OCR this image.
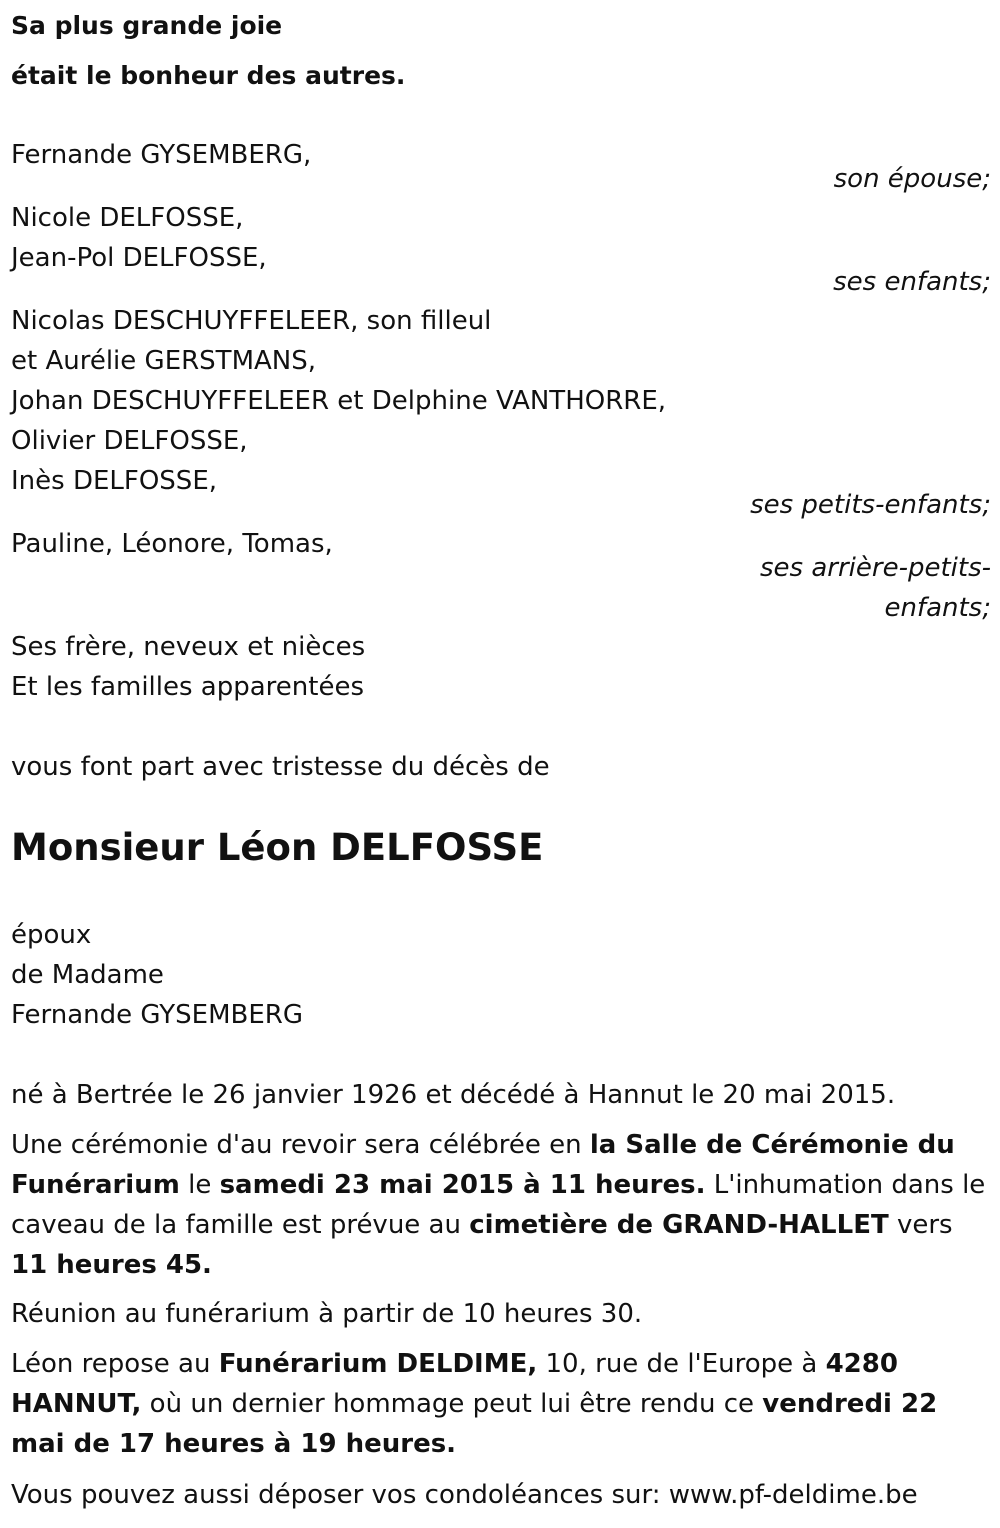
Sa plus grande joie
était le bonheur des autres.
Fernande GYSEMBERG,
son épouse;
Nicole DELFOSSE,
Jean-Pol DELFOSSE,
ses enfants;
Nicolas DESCHUYFFELEER, son filleul
et Aurélie GERSTMANS,
Johan DESCHUYFFELEER et Delphine VANTHORRE,
Olivier DELFOSSE,
Inès DELFOSSE,
ses petits-enfants;
Pauline, Léonore, Tomas,
ses arrière-petits-
enfants;
Ses frère, neveux et nièces
Et les familles apparentées
vous font part avec tristesse du décès de
Monsieur Léon DELFOSSE
époux
de Madame
Fernande GYSEMBERG
né à Bertrée le 26 janvier 1926 et décédé à Hannut le 20 mai 2015.
Une cérémonie d'au revoir sera célébrée en la Salle de Cérémonie du Funérarium le samedi 23 mai 2015 à 11 heures. L'inhumation dans le caveau de la famille est prévue au cimetière de GRAND-HALLET vers 11 heures 45.
Réunion au funérarium à partir de 10 heures 30.
Léon repose au Funérarium DELDIME, 10, rue de l'Europe à 4280 HANNUT, où un dernier hommage peut lui être rendu ce vendredi 22 mai de 17 heures à 19 heures.
Vous pouvez aussi déposer vos condoléances sur: www.pf-deldime.be
